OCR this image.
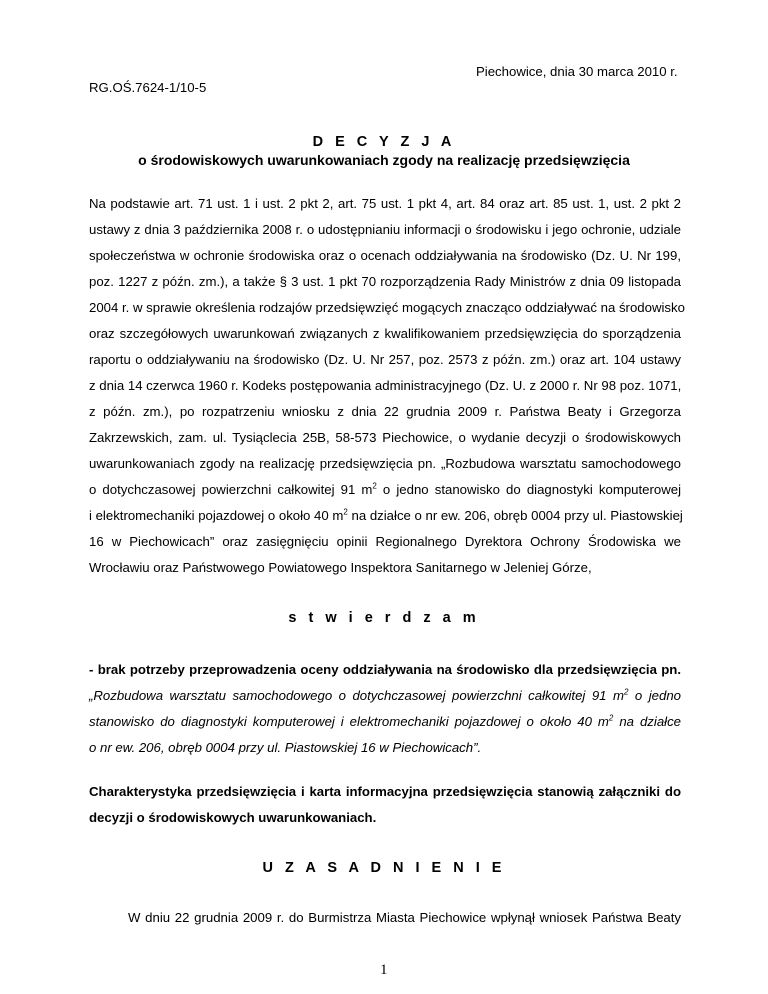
Piechowice, dnia 30 marca 2010 r.
RG.OŚ.7624-1/10-5
D E C Y Z J A
o środowiskowych uwarunkowaniach zgody na realizację przedsięwzięcia
Na podstawie art. 71 ust. 1 i ust. 2 pkt 2, art. 75 ust. 1 pkt 4, art. 84 oraz art. 85 ust. 1, ust. 2 pkt 2
ustawy z dnia 3 października 2008 r. o udostępnianiu informacji o środowisku i jego ochronie, udziale
społeczeństwa w ochronie środowiska oraz o ocenach oddziaływania na środowisko (Dz. U. Nr 199,
poz. 1227 z późn. zm.), a także § 3 ust. 1 pkt 70 rozporządzenia Rady Ministrów z dnia 09 listopada
2004 r. w sprawie określenia rodzajów przedsięwzięć mogących znacząco oddziaływać na środowisko
oraz szczegółowych uwarunkowań związanych z kwalifikowaniem przedsięwzięcia do sporządzenia
raportu o oddziaływaniu na środowisko (Dz. U. Nr 257, poz. 2573 z późn. zm.) oraz art. 104 ustawy
z dnia 14 czerwca 1960 r. Kodeks postępowania administracyjnego (Dz. U. z 2000 r. Nr 98 poz. 1071,
z późn. zm.), po rozpatrzeniu wniosku z dnia 22 grudnia 2009 r. Państwa Beaty i Grzegorza
Zakrzewskich, zam. ul. Tysiąclecia 25B, 58-573 Piechowice, o wydanie decyzji o środowiskowych
uwarunkowaniach zgody na realizację przedsięwzięcia pn. „Rozbudowa warsztatu samochodowego
o dotychczasowej powierzchni całkowitej 91 $m^2$ o jedno stanowisko do diagnostyki komputerowej
i elektromechaniki pojazdowej o około 40 $m^2$ na działce o nr ew. 206, obręb 0004 przy ul. Piastowskiej
16 w Piechowicach” oraz zasięgnięciu opinii Regionalnego Dyrektora Ochrony Środowiska we
Wrocławiu oraz Państwowego Powiatowego Inspektora Sanitarnego w Jeleniej Górze,
s t w i e r d z a m
- brak potrzeby przeprowadzenia oceny oddziaływania na środowisko dla przedsięwzięcia pn.
„Rozbudowa warsztatu samochodowego o dotychczasowej powierzchni całkowitej 91 $m^2$ o jedno
stanowisko do diagnostyki komputerowej i elektromechaniki pojazdowej o około 40 $m^2$ na działce
o nr ew. 206, obręb 0004 przy ul. Piastowskiej 16 w Piechowicach”.
Charakterystyka przedsięwzięcia i karta informacyjna przedsięwzięcia stanowią załączniki do
decyzji o środowiskowych uwarunkowaniach.
U Z A S A D N I E N I E
W dniu 22 grudnia 2009 r. do Burmistrza Miasta Piechowice wpłynął wniosek Państwa Beaty
1
